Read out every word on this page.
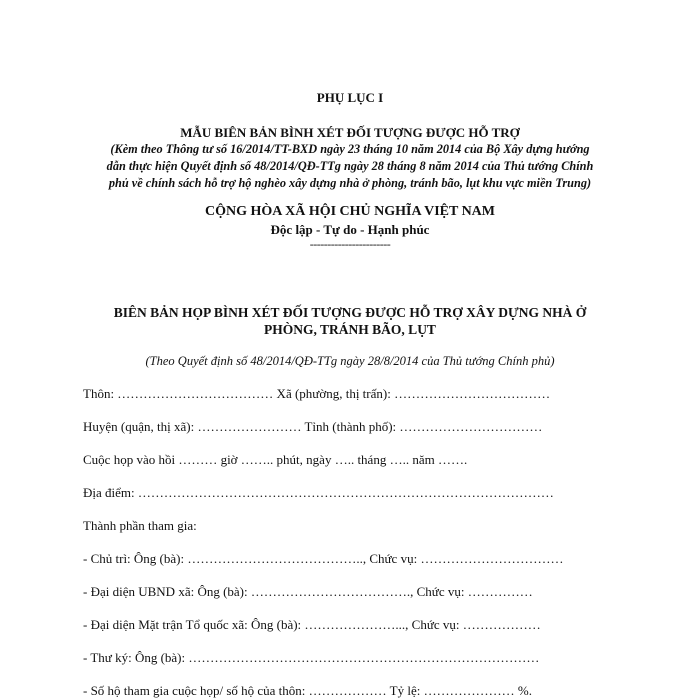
PHỤ LỤC I
MẪU BIÊN BẢN BÌNH XÉT ĐỐI TƯỢNG ĐƯỢC HỖ TRỢ
(Kèm theo Thông tư số 16/2014/TT-BXD ngày 23 tháng 10 năm 2014 của Bộ Xây dựng hướng
dẫn thực hiện Quyết định số 48/2014/QĐ-TTg ngày 28 tháng 8 năm 2014 của Thủ tướng Chính
phủ về chính sách hỗ trợ hộ nghèo xây dựng nhà ở phòng, tránh bão, lụt khu vực miền Trung)
CỘNG HÒA XÃ HỘI CHỦ NGHĨA VIỆT NAM
Độc lập - Tự do - Hạnh phúc
-----------------------
BIÊN BẢN HỌP BÌNH XÉT ĐỐI TƯỢNG ĐƯỢC HỖ TRỢ XÂY DỰNG NHÀ Ở
PHÒNG, TRÁNH BÃO, LỤT
(Theo Quyết định số 48/2014/QĐ-TTg ngày 28/8/2014 của Thủ tướng Chính phủ)
Thôn: ……………………………… Xã (phường, thị trấn): ………………………………
Huyện (quận, thị xã): …………………… Tỉnh (thành phố): ……………………………
Cuộc họp vào hồi ……… giờ …….. phút, ngày ….. tháng ….. năm …….
Địa điểm: ……………………………………………………………………………………
Thành phần tham gia:
- Chủ trì: Ông (bà): ………………………………….., Chức vụ: ……………………………
- Đại diện UBND xã: Ông (bà): ………………………………., Chức vụ: ……………
- Đại diện Mặt trận Tổ quốc xã: Ông (bà): …………………..., Chức vụ: ………………
- Thư ký: Ông (bà): ………………………………………………………………………
- Số hộ tham gia cuộc họp/ số hộ của thôn: ……………… Tỷ lệ: ………………… %.
